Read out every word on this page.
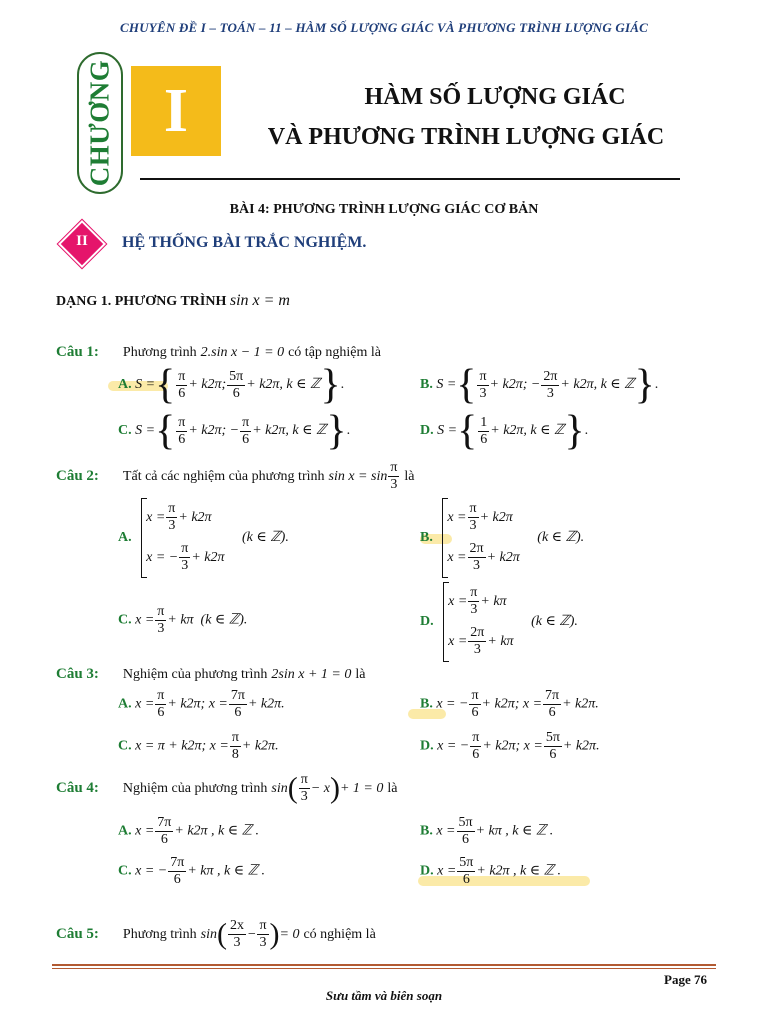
CHUYÊN ĐỀ I – TOÁN – 11 – HÀM SỐ LƯỢNG GIÁC VÀ PHƯƠNG TRÌNH LƯỢNG GIÁC
CHƯƠNG I	HÀM SỐ LƯỢNG GIÁC
VÀ PHƯƠNG TRÌNH LƯỢNG GIÁC
BÀI 4: PHƯƠNG TRÌNH LƯỢNG GIÁC CƠ BẢN
II	HỆ THỐNG BÀI TRẮC NGHIỆM.
DẠNG 1. PHƯƠNG TRÌNH sin x = m
Câu 1: Phương trình 2.sin x − 1 = 0 có tập nghiệm là
A. S ={ $\frac{\pi}{6} + k2\pi$; $\frac{5\pi}{6} + k2\pi$, k ∈ ℤ}.	B. S ={ $\frac{\pi}{3} + k2\pi$; − $\frac{2\pi}{3} + k2\pi$, k ∈ ℤ}.
C. S ={ $\frac{\pi}{6} + k2\pi$; − $\frac{\pi}{6} + k2\pi$, k ∈ ℤ}.	D. S ={ $\frac{1}{6} + k2\pi$, k ∈ ℤ}.
Câu 2: Tất cả các nghiệm của phương trình $\sin x = \sin \frac{\pi}{3}$ là
A.
$x = \frac{\pi}{3} + k2\pi$
x = − $\frac{\pi}{3} + k2\pi$
(k ∈ ℤ).	B.
$x = \frac{\pi}{3} + k2\pi$
$x = \frac{2\pi}{3} + k2\pi$
(k ∈ ℤ).
C. $x = \frac{\pi}{3} + k\pi$  (k ∈ ℤ).	D.
$x = \frac{\pi}{3} + k\pi$
$x = \frac{2\pi}{3} + k\pi$
(k ∈ ℤ).
Câu 3: Nghiệm của phương trình 2sin x + 1 = 0 là
A. $x = \frac{\pi}{6} + k2\pi$; $x = \frac{7\pi}{6} + k2\pi$.	B. x = − $\frac{\pi}{6} + k2\pi$; $x = \frac{7\pi}{6} + k2\pi$.
C. x = π + k2π; $x = \frac{\pi}{8} + k2\pi$.	D. x = − $\frac{\pi}{6} + k2\pi$; $x = \frac{5\pi}{6} + k2\pi$.
Câu 4: Nghiệm của phương trình $\sin( \frac{\pi}{3} - x)+ 1 = 0$ là
A. $x = \frac{7\pi}{6} + k2\pi$ , k ∈ ℤ .	B. $x = \frac{5\pi}{6} + k\pi$ , k ∈ ℤ .
C. x = − $\frac{7\pi}{6} + k\pi$ , k ∈ ℤ .	D. $x = \frac{5\pi}{6} + k2\pi$ , k ∈ ℤ .
Câu 5: Phương trình $\sin( \frac{2x}{3} - \frac{\pi}{3}$ )= 0 có nghiệm là
Page 76
Sưu tầm và biên soạn
